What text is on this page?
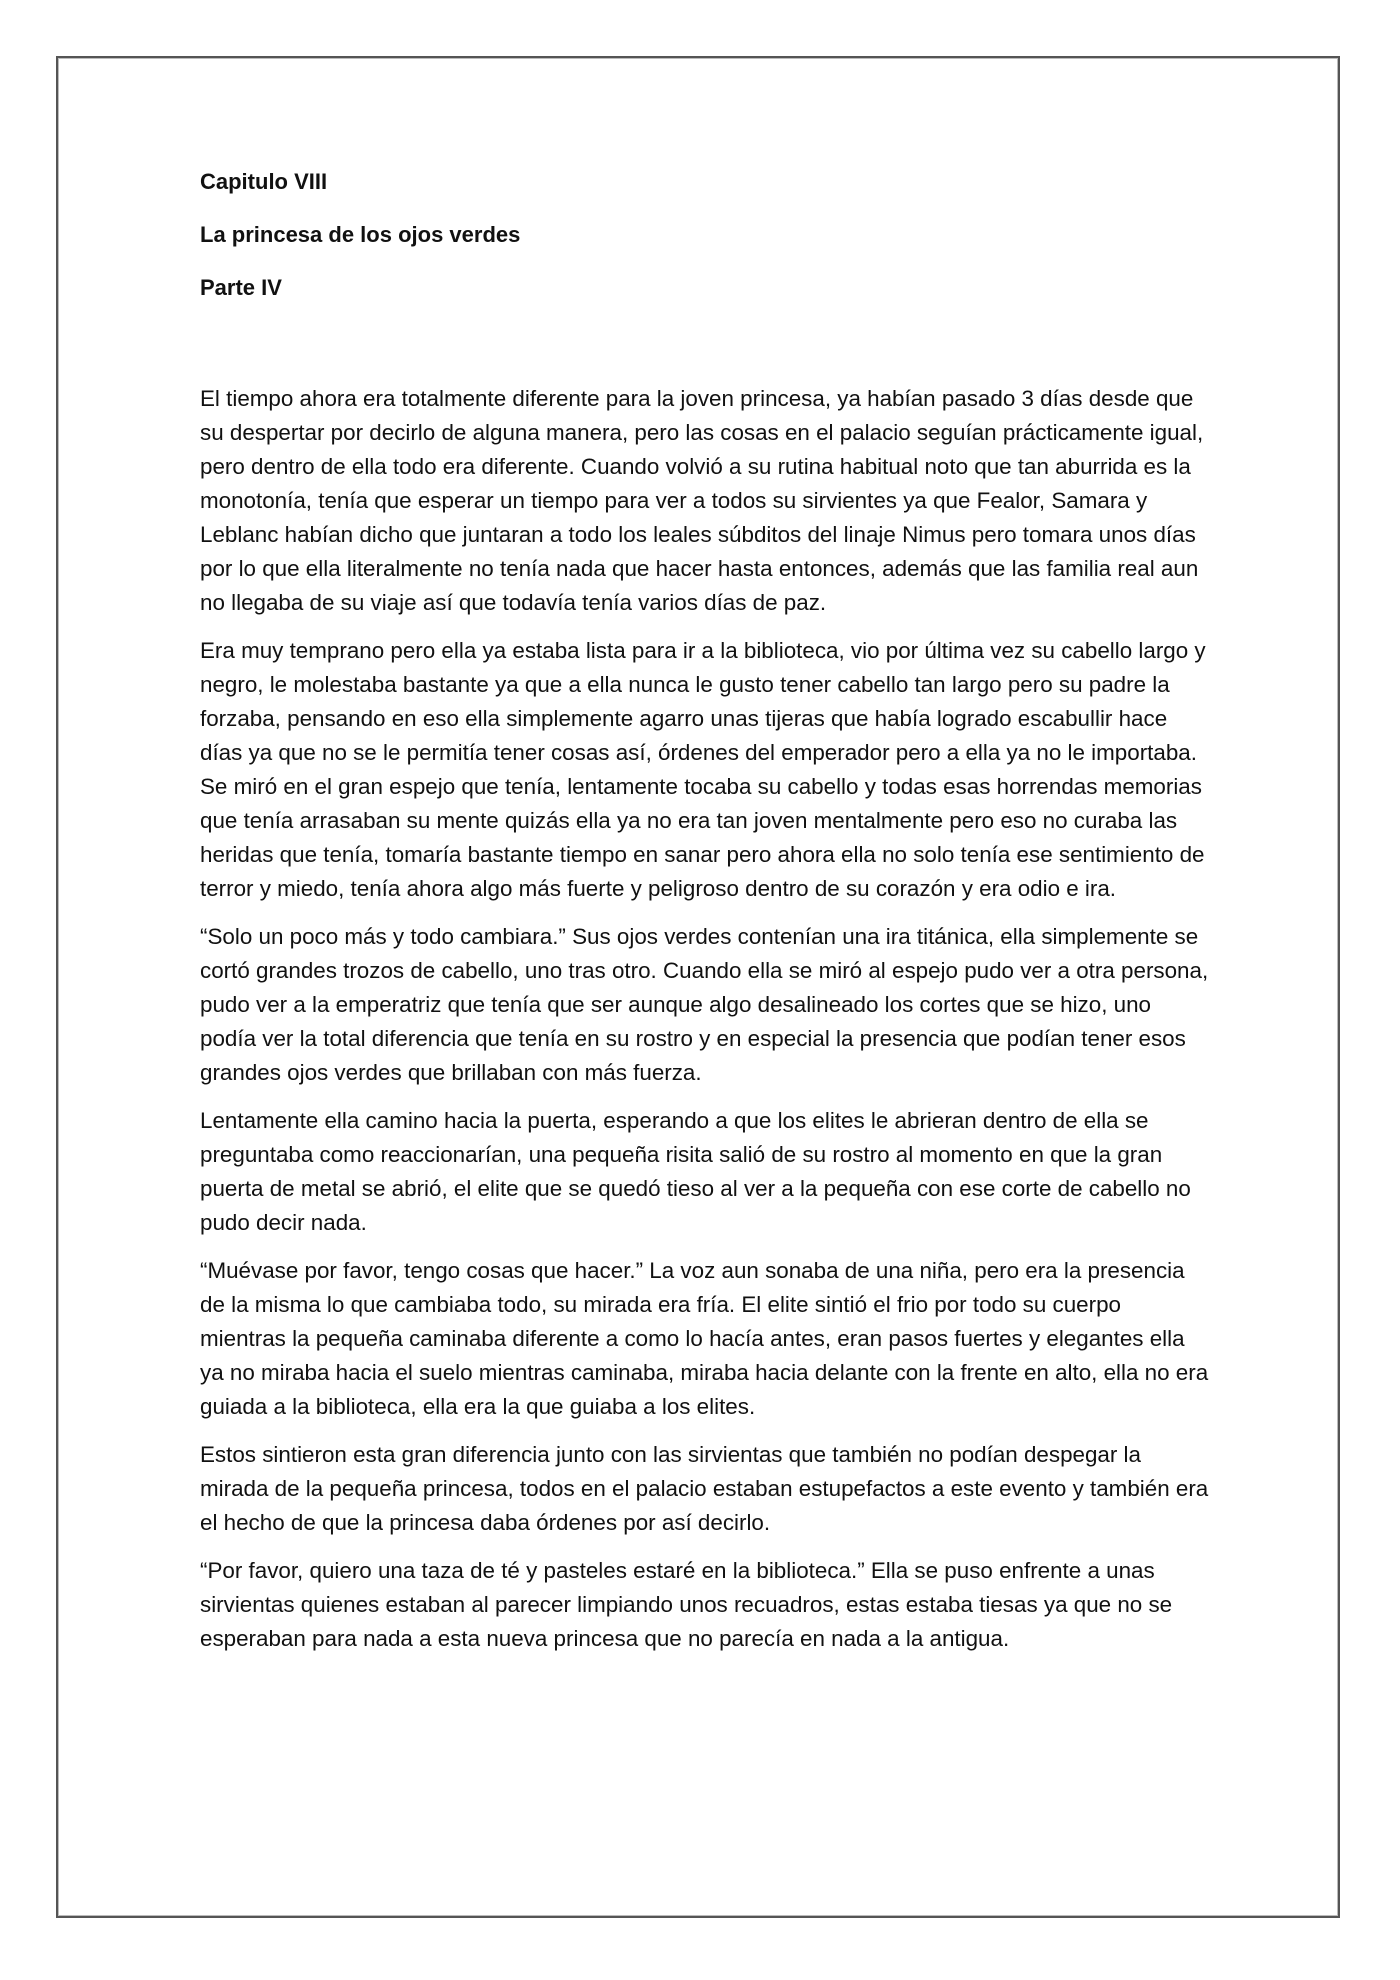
Capitulo VIII
La princesa de los ojos verdes
Parte IV

El tiempo ahora era totalmente diferente para la joven princesa, ya habían pasado 3 días desde que su despertar por decirlo de alguna manera, pero las cosas en el palacio seguían prácticamente igual, pero dentro de ella todo era diferente. Cuando volvió a su rutina habitual noto que tan aburrida es la monotonía, tenía que esperar un tiempo para ver a todos su sirvientes ya que Fealor, Samara y Leblanc habían dicho que juntaran a todo los leales súbditos del linaje Nimus pero tomara unos días por lo que ella literalmente no tenía nada que hacer hasta entonces, además que las familia real aun no llegaba de su viaje así que todavía tenía varios días de paz.

Era muy temprano pero ella ya estaba lista para ir a la biblioteca, vio por última vez su cabello largo y negro, le molestaba bastante ya que a ella nunca le gusto tener cabello tan largo pero su padre la forzaba, pensando en eso ella simplemente agarro unas tijeras que había logrado escabullir hace días ya que no se le permitía tener cosas así, órdenes del emperador pero a ella ya no le importaba. Se miró en el gran espejo que tenía, lentamente tocaba su cabello y todas esas horrendas memorias que tenía arrasaban su mente quizás ella ya no era tan joven mentalmente pero eso no curaba las heridas que tenía, tomaría bastante tiempo en sanar pero ahora ella no solo tenía ese sentimiento de terror y miedo, tenía ahora algo más fuerte y peligroso dentro de su corazón y era odio e ira.

“Solo un poco más y todo cambiara.” Sus ojos verdes contenían una ira titánica, ella simplemente se cortó grandes trozos de cabello, uno tras otro. Cuando ella se miró al espejo pudo ver a otra persona, pudo ver a la emperatriz que tenía que ser aunque algo desalineado los cortes que se hizo, uno podía ver la total diferencia que tenía en su rostro y en especial la presencia que podían tener esos grandes ojos verdes que brillaban con más fuerza.

Lentamente ella camino hacia la puerta, esperando a que los elites le abrieran dentro de ella se preguntaba como reaccionarían, una pequeña risita salió de su rostro al momento en que la gran puerta de metal se abrió, el elite que se quedó tieso al ver a la pequeña con ese corte de cabello no pudo decir nada.

“Muévase por favor, tengo cosas que hacer.” La voz aun sonaba de una niña, pero era la presencia de la misma lo que cambiaba todo, su mirada era fría. El elite sintió el frio por todo su cuerpo mientras la pequeña caminaba diferente a como lo hacía antes, eran pasos fuertes y elegantes ella ya no miraba hacia el suelo mientras caminaba, miraba hacia delante con la frente en alto, ella no era guiada a la biblioteca, ella era la que guiaba a los elites.

Estos sintieron esta gran diferencia junto con las sirvientas que también no podían despegar la mirada de la pequeña princesa, todos en el palacio estaban estupefactos a este evento y también era el hecho de que la princesa daba órdenes por así decirlo.

“Por favor, quiero una taza de té y pasteles estaré en la biblioteca.” Ella se puso enfrente a unas sirvientas quienes estaban al parecer limpiando unos recuadros, estas estaba tiesas ya que no se esperaban para nada a esta nueva princesa que no parecía en nada a la antigua.
